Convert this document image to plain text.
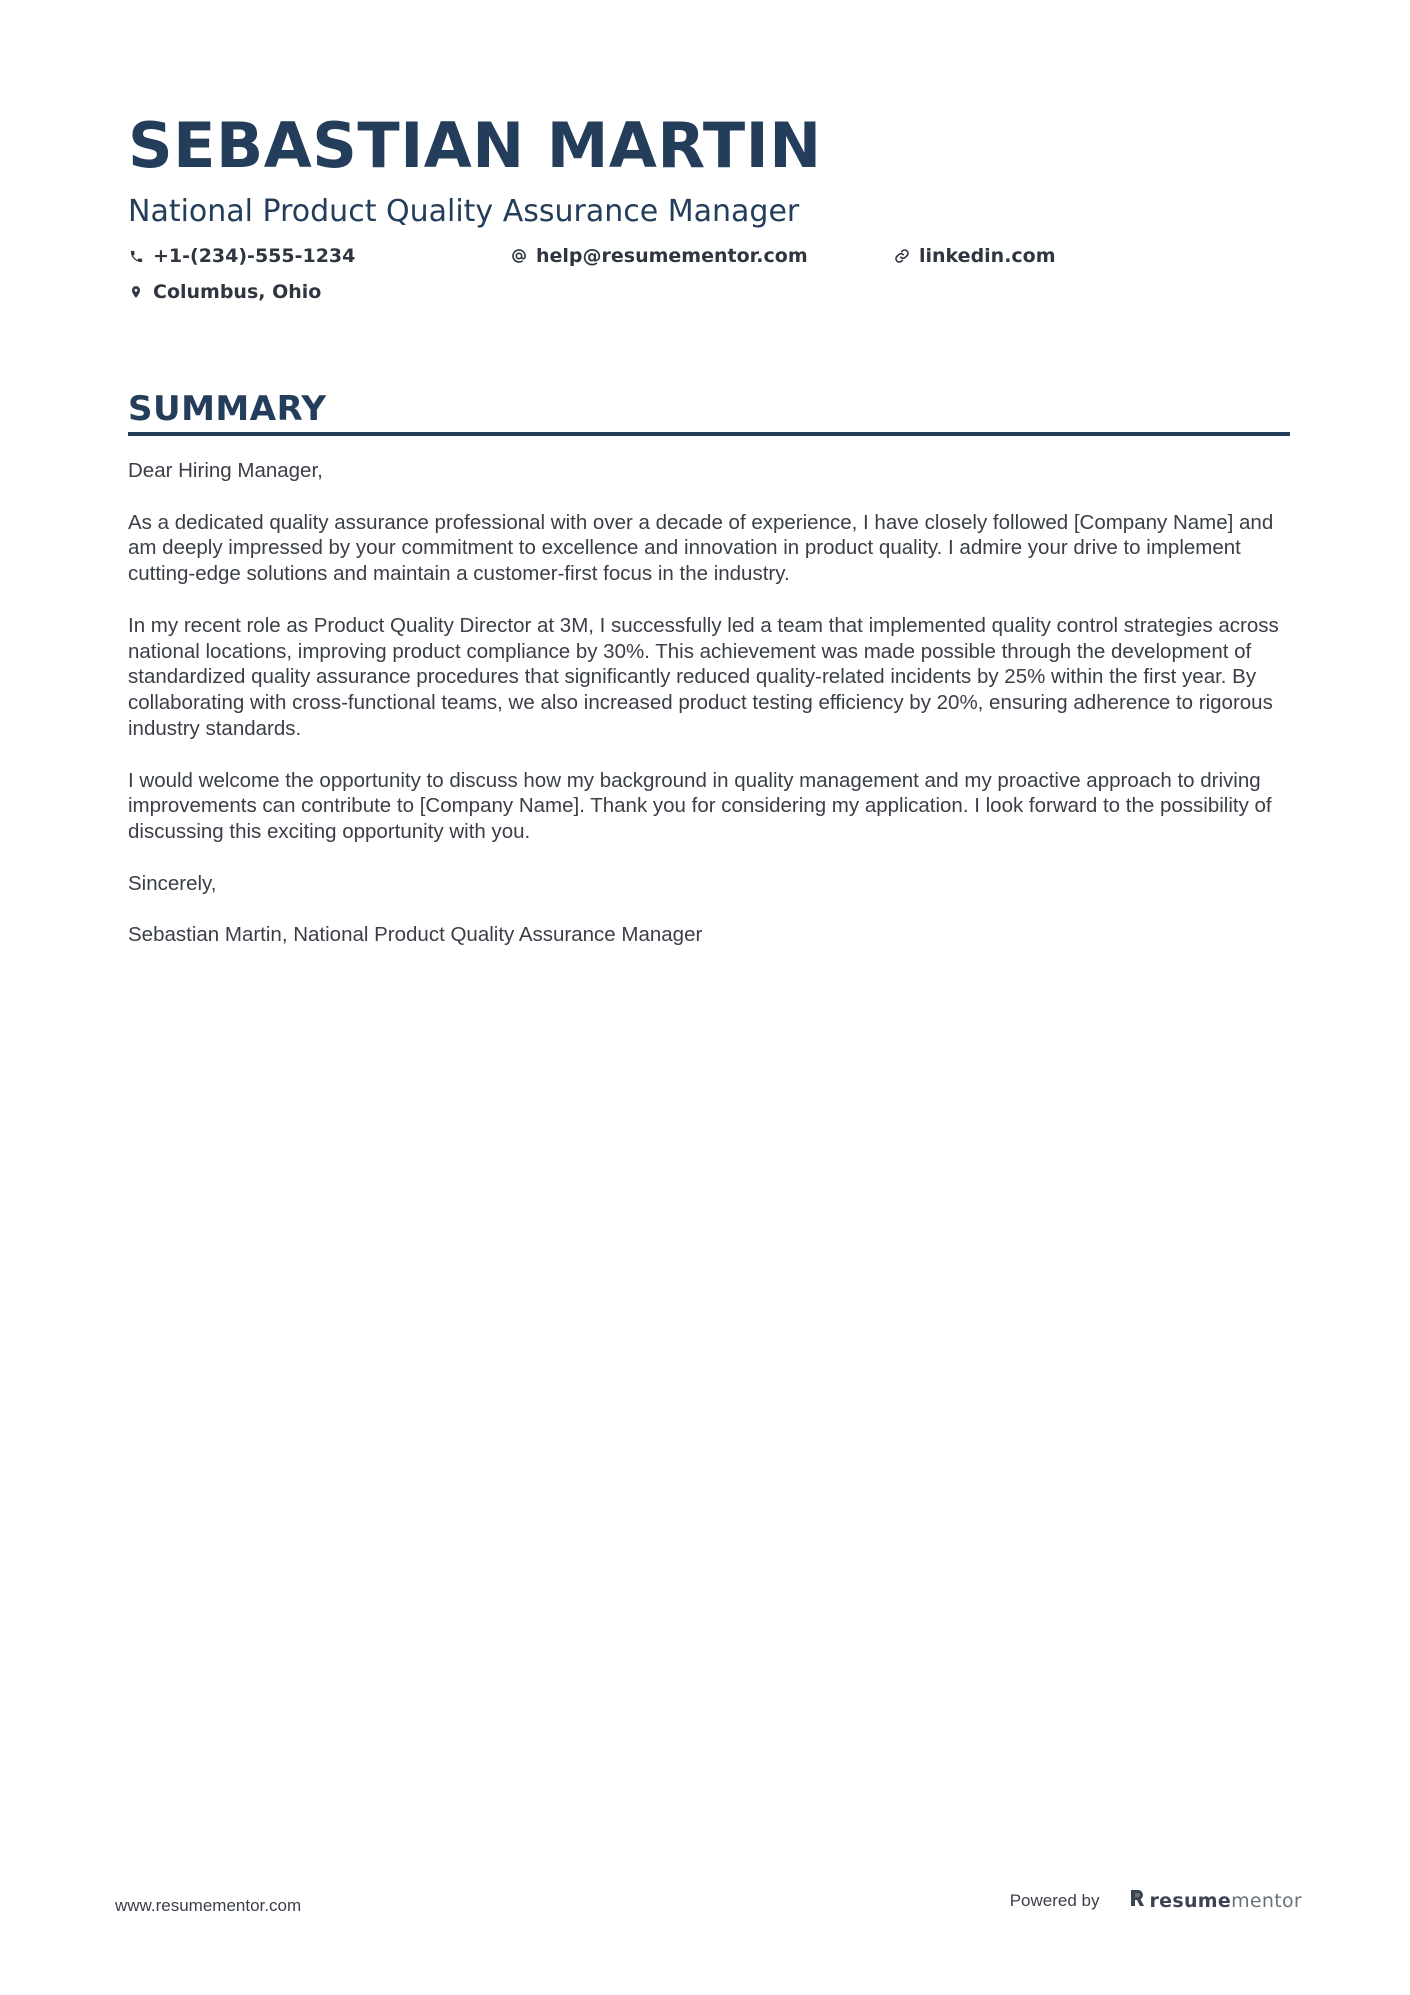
SEBASTIAN MARTIN
National Product Quality Assurance Manager
+1-(234)-555-1234	help@resumementor.com	linkedin.com
Columbus, Ohio
SUMMARY

Dear Hiring Manager,

As a dedicated quality assurance professional with over a decade of experience, I have closely followed [Company Name] and am deeply impressed by your commitment to excellence and innovation in product quality. I admire your drive to implement cutting-edge solutions and maintain a customer-first focus in the industry.

In my recent role as Product Quality Director at 3M, I successfully led a team that implemented quality control strategies across national locations, improving product compliance by 30%. This achievement was made possible through the development of standardized quality assurance procedures that significantly reduced quality-related incidents by 25% within the first year. By collaborating with cross-functional teams, we also increased product testing efficiency by 20%, ensuring adherence to rigorous industry standards.

I would welcome the opportunity to discuss how my background in quality management and my proactive approach to driving improvements can contribute to [Company Name]. Thank you for considering my application. I look forward to the possibility of discussing this exciting opportunity with you.

Sincerely,

Sebastian Martin, National Product Quality Assurance Manager

www.resumementor.com	Powered by	resume mentor
